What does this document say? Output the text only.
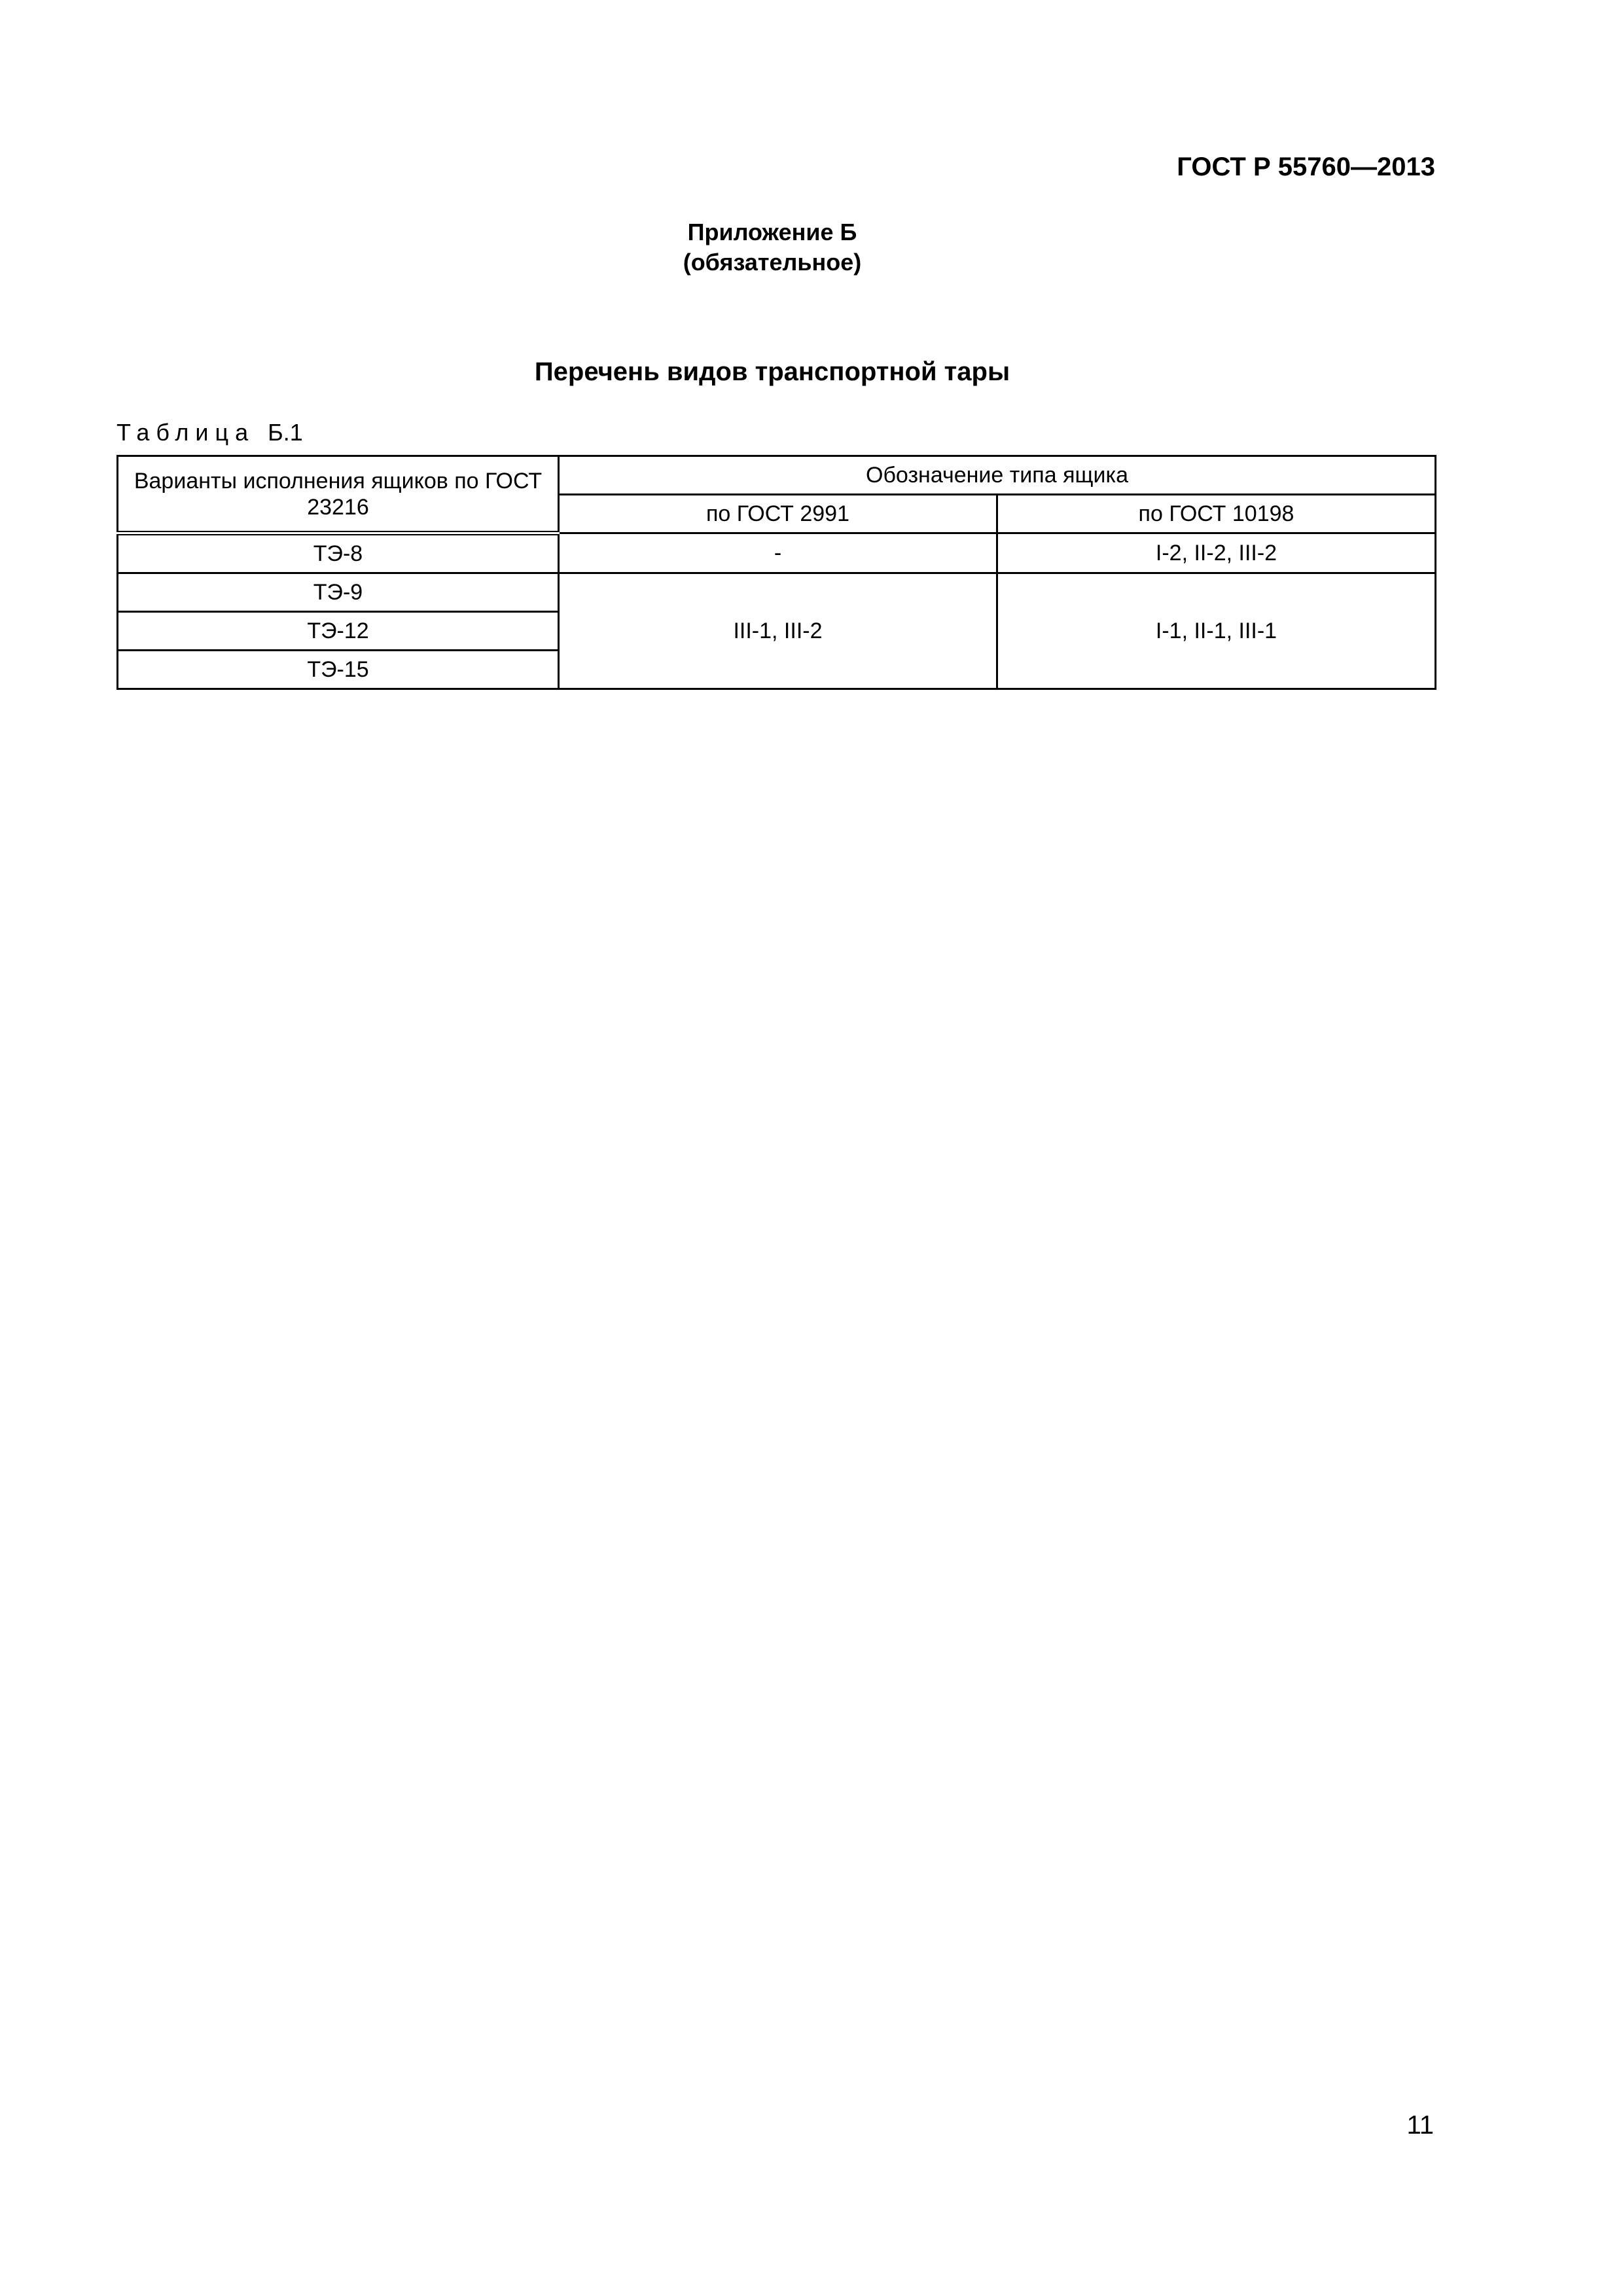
ГОСТ Р 55760—2013
Приложение Б
(обязательное)
Перечень видов транспортной тары
Таблица Б.1
Варианты исполнения ящиков по ГОСТ 23216	Обозначение типа ящика	
	по ГОСТ 2991	по ГОСТ 10198
ТЭ-8	-	I-2, II-2, III-2
ТЭ-9	III-1, III-2	I-1, II-1, III-1
ТЭ-12		
ТЭ-15		
11
